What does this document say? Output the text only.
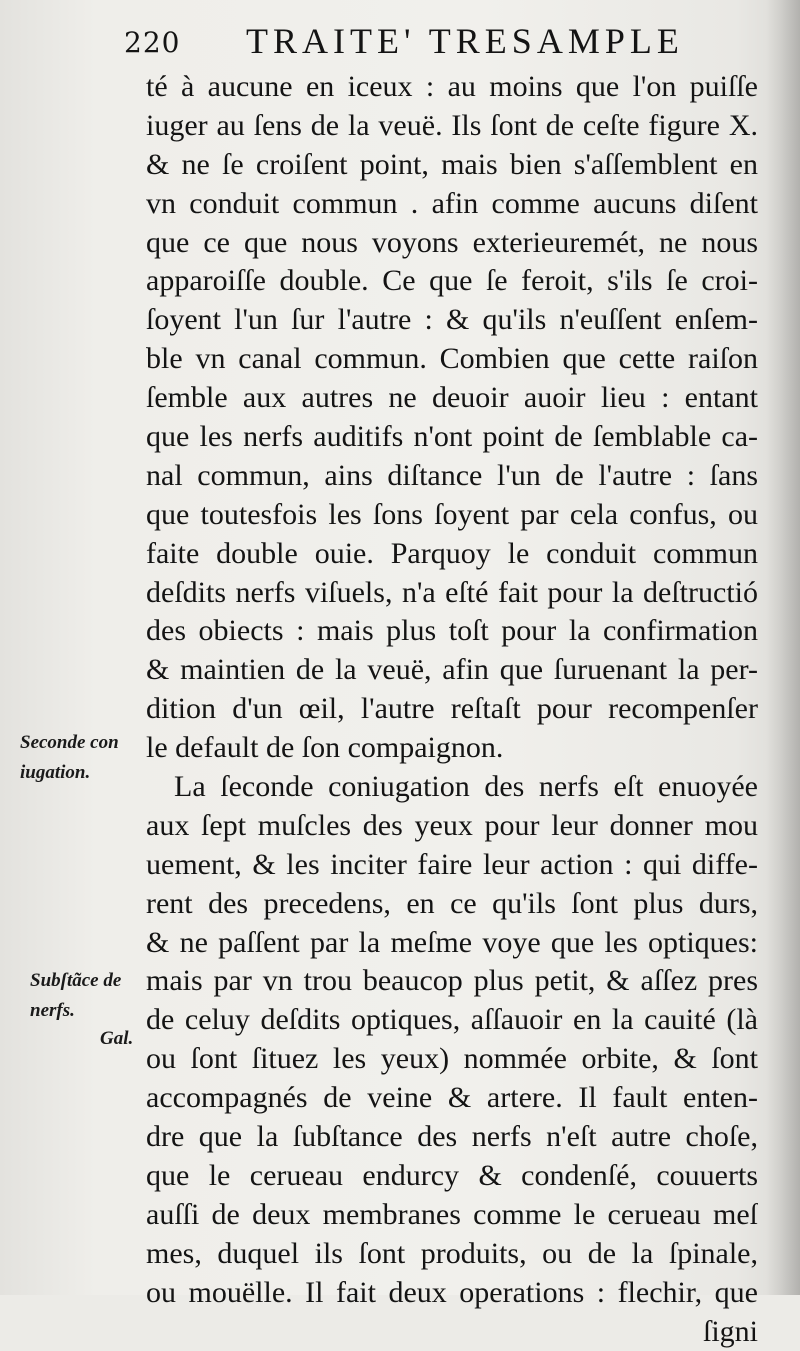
220 TRAITE' TRESAMPLE
Seconde con
iugation.
Subſtãce de
nerfs.
Gal.
té à aucune en iceux : au moins que l'on puiſſe
iuger au ſens de la veuë. Ils ſont de ceſte figure X.
& ne ſe croiſent point, mais bien s'aſſemblent en
vn conduit commun . afin comme aucuns diſent
que ce que nous voyons exterieuremét, ne nous
apparoiſſe double. Ce que ſe feroit, s'ils ſe croi-
ſoyent l'un ſur l'autre : & qu'ils n'euſſent enſem-
ble vn canal commun. Combien que cette raiſon
ſemble aux autres ne deuoir auoir lieu : entant
que les nerfs auditifs n'ont point de ſemblable ca-
nal commun, ains diſtance l'un de l'autre : ſans
que toutesfois les ſons ſoyent par cela confus, ou
faite double ouie. Parquoy le conduit commun
deſdits nerfs viſuels, n'a eſté fait pour la deſtructió
des obiects : mais plus toſt pour la confirmation
& maintien de la veuë, afin que ſuruenant la per-
dition d'un œil, l'autre reſtaſt pour recompenſer
le default de ſon compaignon.
La ſeconde coniugation des nerfs eſt enuoyée
aux ſept muſcles des yeux pour leur donner mou
uement, & les inciter faire leur action : qui diffe-
rent des precedens, en ce qu'ils ſont plus durs,
& ne paſſent par la meſme voye que les optiques:
mais par vn trou beaucop plus petit, & aſſez pres
de celuy deſdits optiques, aſſauoir en la cauité (là
ou ſont ſituez les yeux) nommée orbite, & ſont
accompagnés de veine & artere. Il fault enten-
dre que la ſubſtance des nerfs n'eſt autre choſe,
que le cerueau endurcy & condenſé, couuerts
auſſi de deux membranes comme le cerueau meſ
mes, duquel ils ſont produits, ou de la ſpinale,
ou mouëlle. Il fait deux operations : flechir, que
ſigni
